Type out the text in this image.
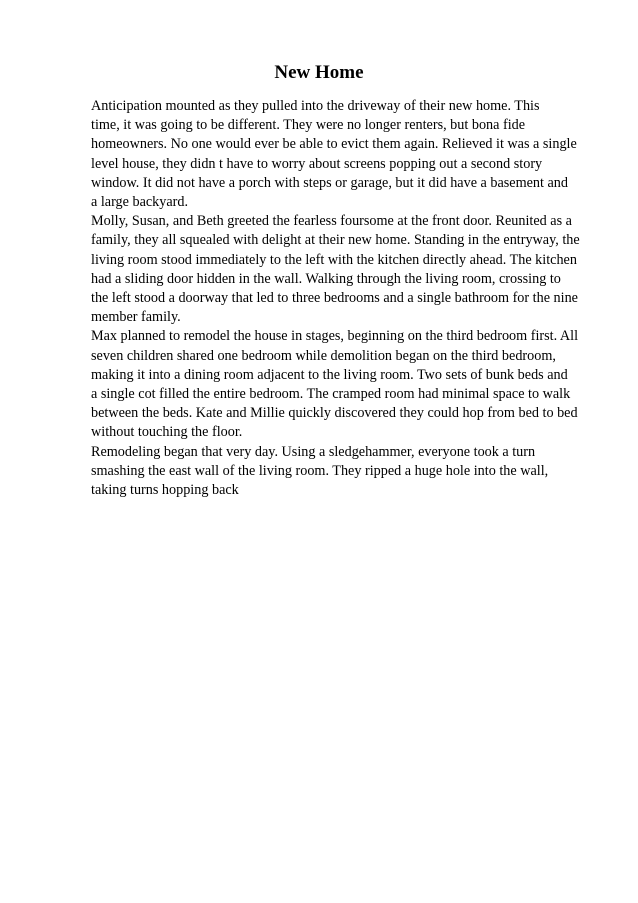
New Home

Anticipation mounted as they pulled into the driveway of their new home. This
time, it was going to be different. They were no longer renters, but bona fide
homeowners. No one would ever be able to evict them again. Relieved it was a single
level house, they didn t have to worry about screens popping out a second story
window. It did not have a porch with steps or garage, but it did have a basement and
a large backyard.

Molly, Susan, and Beth greeted the fearless foursome at the front door. Reunited as a
family, they all squealed with delight at their new home. Standing in the entryway, the
living room stood immediately to the left with the kitchen directly ahead. The kitchen
had a sliding door hidden in the wall. Walking through the living room, crossing to
the left stood a doorway that led to three bedrooms and a single bathroom for the nine
member family.

Max planned to remodel the house in stages, beginning on the third bedroom first. All
seven children shared one bedroom while demolition began on the third bedroom,
making it into a dining room adjacent to the living room. Two sets of bunk beds and
a single cot filled the entire bedroom. The cramped room had minimal space to walk
between the beds. Kate and Millie quickly discovered they could hop from bed to bed
without touching the floor.

Remodeling began that very day. Using a sledgehammer, everyone took a turn
smashing the east wall of the living room. They ripped a huge hole into the wall,
taking turns hopping back
